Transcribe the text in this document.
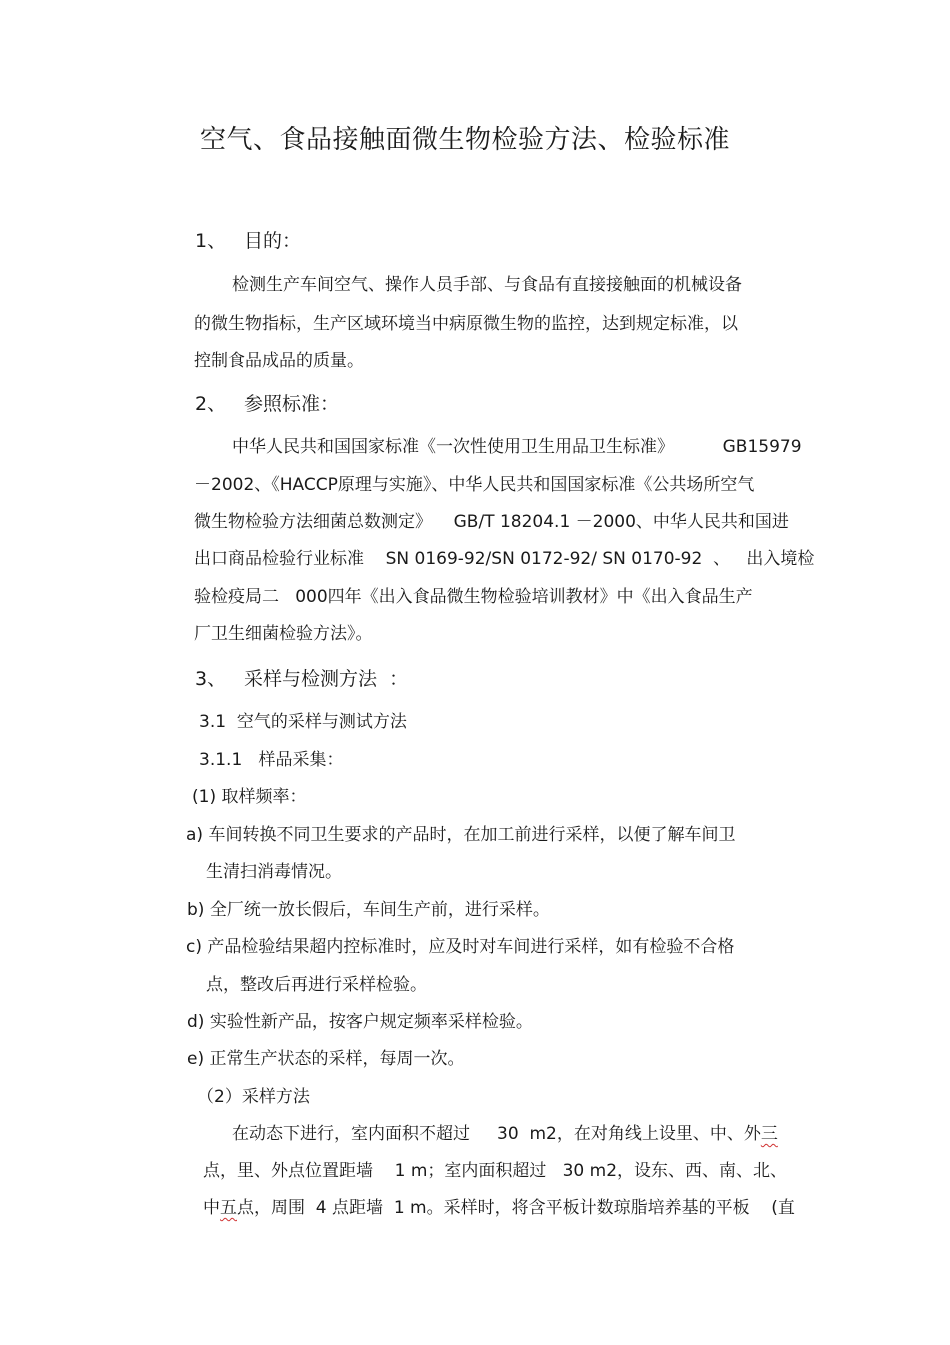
空气、食品接触面微生物检验方法、检验标准
1、 目的：
检测生产车间空气、操作人员手部、与食品有直接接触面的机械设备
的微生物指标，生产区域环境当中病原微生物的监控，达到规定标准，以
控制食品成品的质量。
2、 参照标准：
中华人民共和国国家标准《一次性使用卫生用品卫生标准》         GB15979
－2002、《HACCP原理与实施》、中华人民共和国国家标准《公共场所空气
微生物检验方法细菌总数测定》    GB/T 18204.1 －2000、中华人民共和国进
出口商品检验行业标准    SN 0169-92/SN 0172-92/ SN 0170-92  、   出入境检
验检疫局二   000四年《出入食品微生物检验培训教材》中《出入食品生产
厂卫生细菌检验方法》。
3、 采样与检测方法  ：
3.1  空气的采样与测试方法
3.1.1   样品采集：
(1) 取样频率：
a) 车间转换不同卫生要求的产品时，在加工前进行采样，以便了解车间卫
生清扫消毒情况。
b) 全厂统一放长假后，车间生产前，进行采样。
c) 产品检验结果超内控标准时，应及时对车间进行采样，如有检验不合格
点，整改后再进行采样检验。
d) 实验性新产品，按客户规定频率采样检验。
e) 正常生产状态的采样，每周一次。
（2）采样方法
在动态下进行，室内面积不超过     30  m2，在对角线上设里、中、外三
点，里、外点位置距墙    1 m；室内面积超过   30 m2，设东、西、南、北、
中五点，周围  4 点距墙  1 m。采样时，将含平板计数琼脂培养基的平板    (直
